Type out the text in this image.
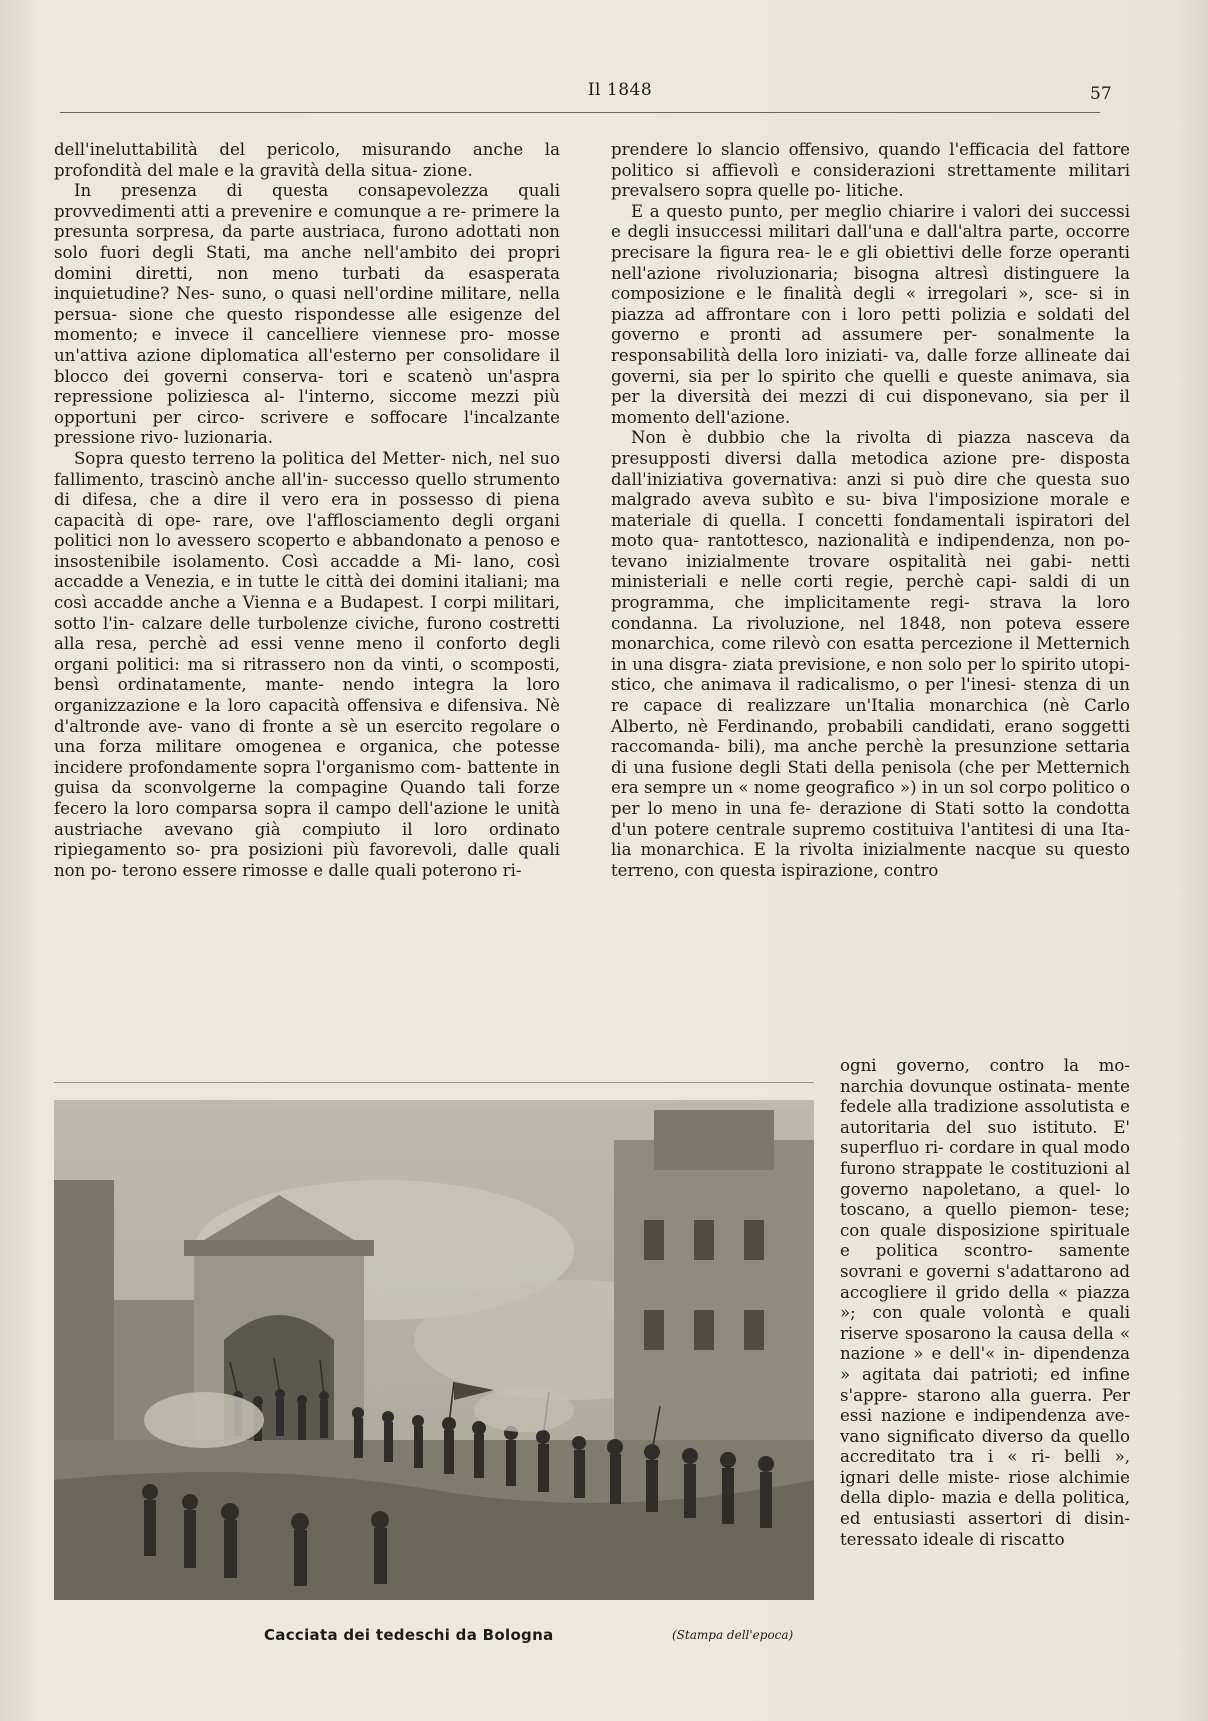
Il 1848	57

dell'ineluttabilità del pericolo, misurando anche la profondità del male e la gravità della situa- zione.

In presenza di questa consapevolezza quali provvedimenti atti a prevenire e comunque a re- primere la presunta sorpresa, da parte austriaca, furono adottati non solo fuori degli Stati, ma anche nell'ambito dei propri domini diretti, non meno turbati da esasperata inquietudine? Nes- suno, o quasi nell'ordine militare, nella persua- sione che questo rispondesse alle esigenze del momento; e invece il cancelliere viennese pro- mosse un'attiva azione diplomatica all'esterno per consolidare il blocco dei governi conserva- tori e scatenò un'aspra repressione poliziesca al- l'interno, siccome mezzi più opportuni per circo- scrivere e soffocare l'incalzante pressione rivo- luzionaria.

Sopra questo terreno la politica del Metter- nich, nel suo fallimento, trascinò anche all'in- successo quello strumento di difesa, che a dire il vero era in possesso di piena capacità di ope- rare, ove l'afflosciamento degli organi politici non lo avessero scoperto e abbandonato a penoso e insostenibile isolamento. Così accadde a Mi- lano, così accadde a Venezia, e in tutte le città dei domini italiani; ma così accadde anche a Vienna e a Budapest. I corpi militari, sotto l'in- calzare delle turbolenze civiche, furono costretti alla resa, perchè ad essi venne meno il conforto degli organi politici: ma si ritrassero non da vinti, o scomposti, bensì ordinatamente, mante- nendo integra la loro organizzazione e la loro capacità offensiva e difensiva. Nè d'altronde ave- vano di fronte a sè un esercito regolare o una forza militare omogenea e organica, che potesse incidere profondamente sopra l'organismo com- battente in guisa da sconvolgerne la compagine Quando tali forze fecero la loro comparsa sopra il campo dell'azione le unità austriache avevano già compiuto il loro ordinato ripiegamento so- pra posizioni più favorevoli, dalle quali non po- terono essere rimosse e dalle quali poterono ri-

prendere lo slancio offensivo, quando l'efficacia del fattore politico si affievolì e considerazioni strettamente militari prevalsero sopra quelle po- litiche.

E a questo punto, per meglio chiarire i valori dei successi e degli insuccessi militari dall'una e dall'altra parte, occorre precisare la figura rea- le e gli obiettivi delle forze operanti nell'azione rivoluzionaria; bisogna altresì distinguere la composizione e le finalità degli « irregolari », sce- si in piazza ad affrontare con i loro petti polizia e soldati del governo e pronti ad assumere per- sonalmente la responsabilità della loro iniziati- va, dalle forze allineate dai governi, sia per lo spirito che quelli e queste animava, sia per la diversità dei mezzi di cui disponevano, sia per il momento dell'azione.

Non è dubbio che la rivolta di piazza nasceva da presupposti diversi dalla metodica azione pre- disposta dall'iniziativa governativa: anzi si può dire che questa suo malgrado aveva subìto e su- biva l'imposizione morale e materiale di quella. I concetti fondamentali ispiratori del moto qua- rantottesco, nazionalità e indipendenza, non po- tevano inizialmente trovare ospitalità nei gabi- netti ministeriali e nelle corti regie, perchè capi- saldi di un programma, che implicitamente regi- strava la loro condanna. La rivoluzione, nel 1848, non poteva essere monarchica, come rilevò con esatta percezione il Metternich in una disgra- ziata previsione, e non solo per lo spirito utopi- stico, che animava il radicalismo, o per l'inesi- stenza di un re capace di realizzare un'Italia monarchica (nè Carlo Alberto, nè Ferdinando, probabili candidati, erano soggetti raccomanda- bili), ma anche perchè la presunzione settaria di una fusione degli Stati della penisola (che per Metternich era sempre un « nome geografico ») in un sol corpo politico o per lo meno in una fe- derazione di Stati sotto la condotta d'un potere centrale supremo costituiva l'antitesi di una Ita- lia monarchica. E la rivolta inizialmente nacque su questo terreno, con questa ispirazione, contro

ogni governo, contro la mo- narchia dovunque ostinata- mente fedele alla tradizione assolutista e autoritaria del suo istituto. E' superfluo ri- cordare in qual modo furono strappate le costituzioni al governo napoletano, a quel- lo toscano, a quello piemon- tese; con quale disposizione spirituale e politica scontro- samente sovrani e governi s'adattarono ad accogliere il grido della « piazza »; con quale volontà e quali riserve sposarono la causa della « nazione » e dell'« in- dipendenza » agitata dai patrioti; ed infine s'appre- starono alla guerra. Per essi nazione e indipendenza ave- vano significato diverso da quello accreditato tra i « ri- belli », ignari delle miste- riose alchimie della diplo- mazia e della politica, ed entusiasti assertori di disin- teressato ideale di riscatto

Cacciata dei tedeschi da Bologna	(Stampa dell'epoca)
